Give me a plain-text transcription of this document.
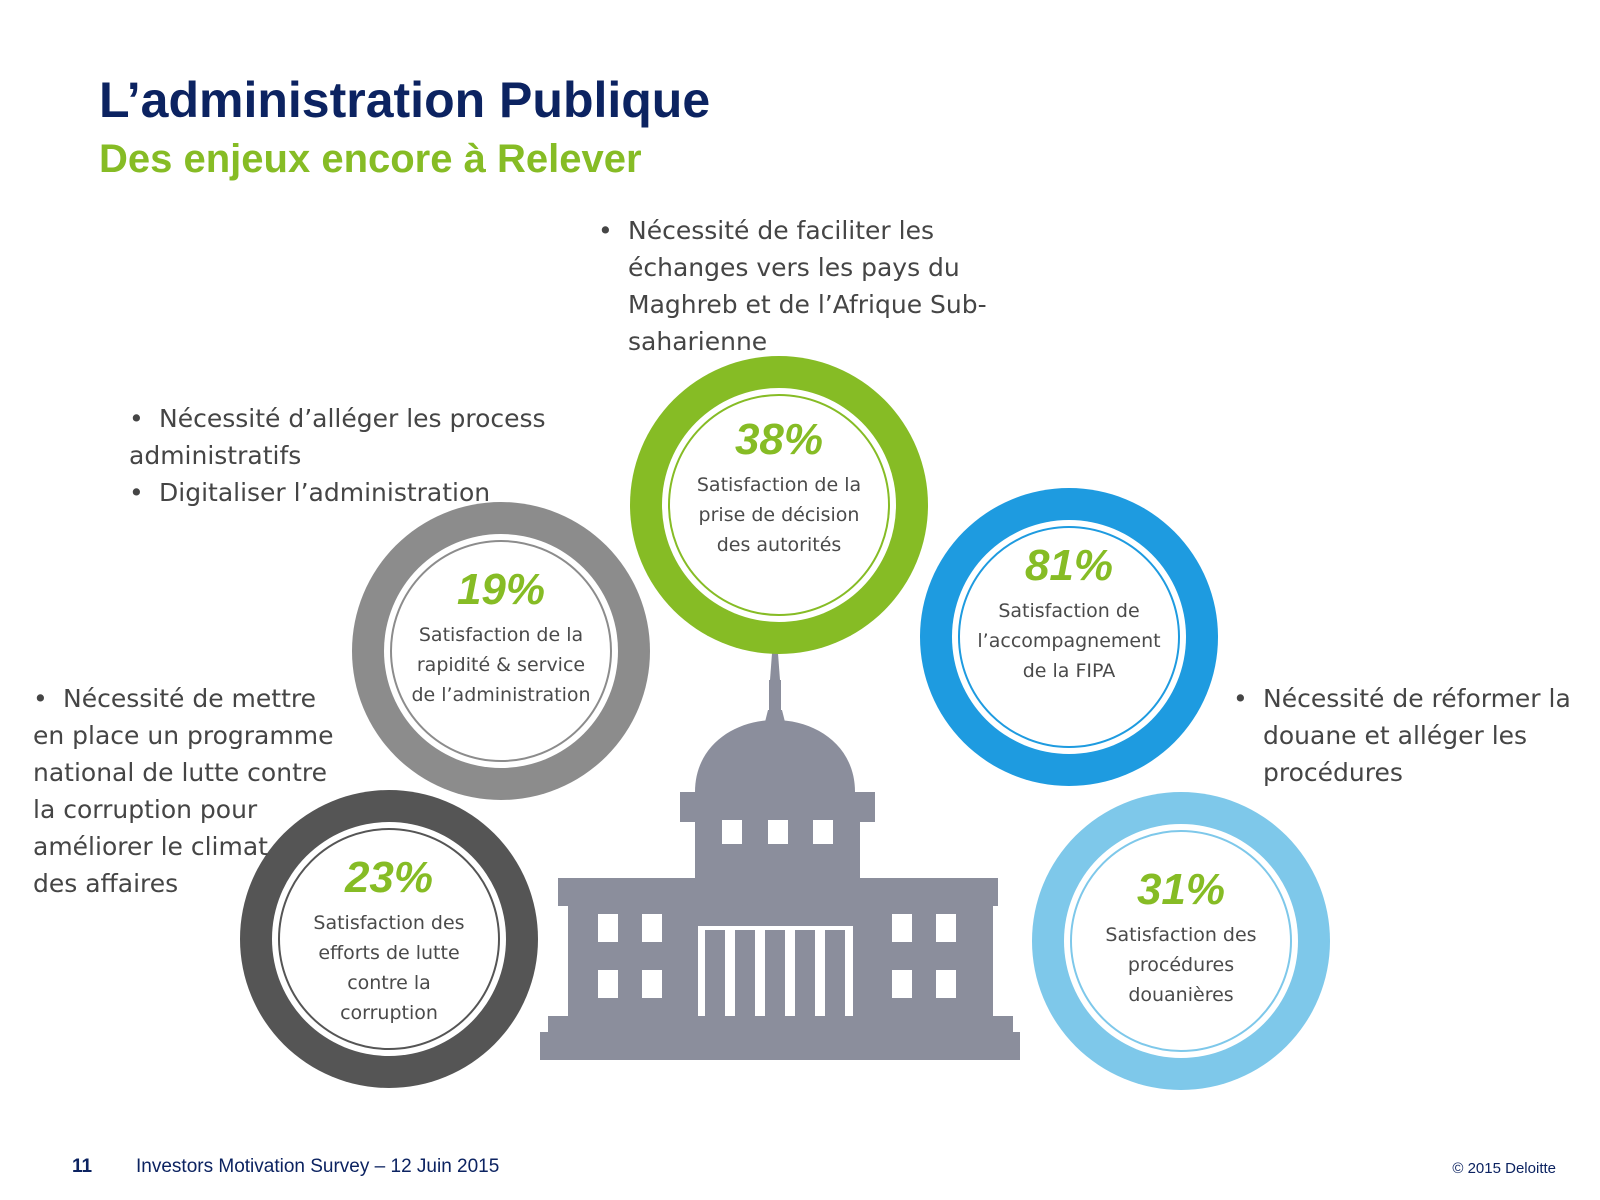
L’administration Publique
Des enjeux encore à Relever
38%
Satisfaction de la
prise de décision
des autorités
19%
Satisfaction de la
rapidité & service
de l’administration
81%
Satisfaction de
l’accompagnement
de la FIPA
23%
Satisfaction des
efforts de lutte
contre la
corruption
31%
Satisfaction des
procédures
douanières

• Nécessité de faciliter les

échanges vers les pays du

Maghreb et de l’Afrique Sub-

saharienne

• Nécessité d’alléger les process

administratifs

• Digitaliser l’administration

• Nécessité de mettre

en place un programme

national de lutte contre

la corruption pour

améliorer le climat

des affaires

• Nécessité de réformer la

douane et alléger les

procédures

11 Investors Motivation Survey – 12 Juin 2015	© 2015 Deloitte
